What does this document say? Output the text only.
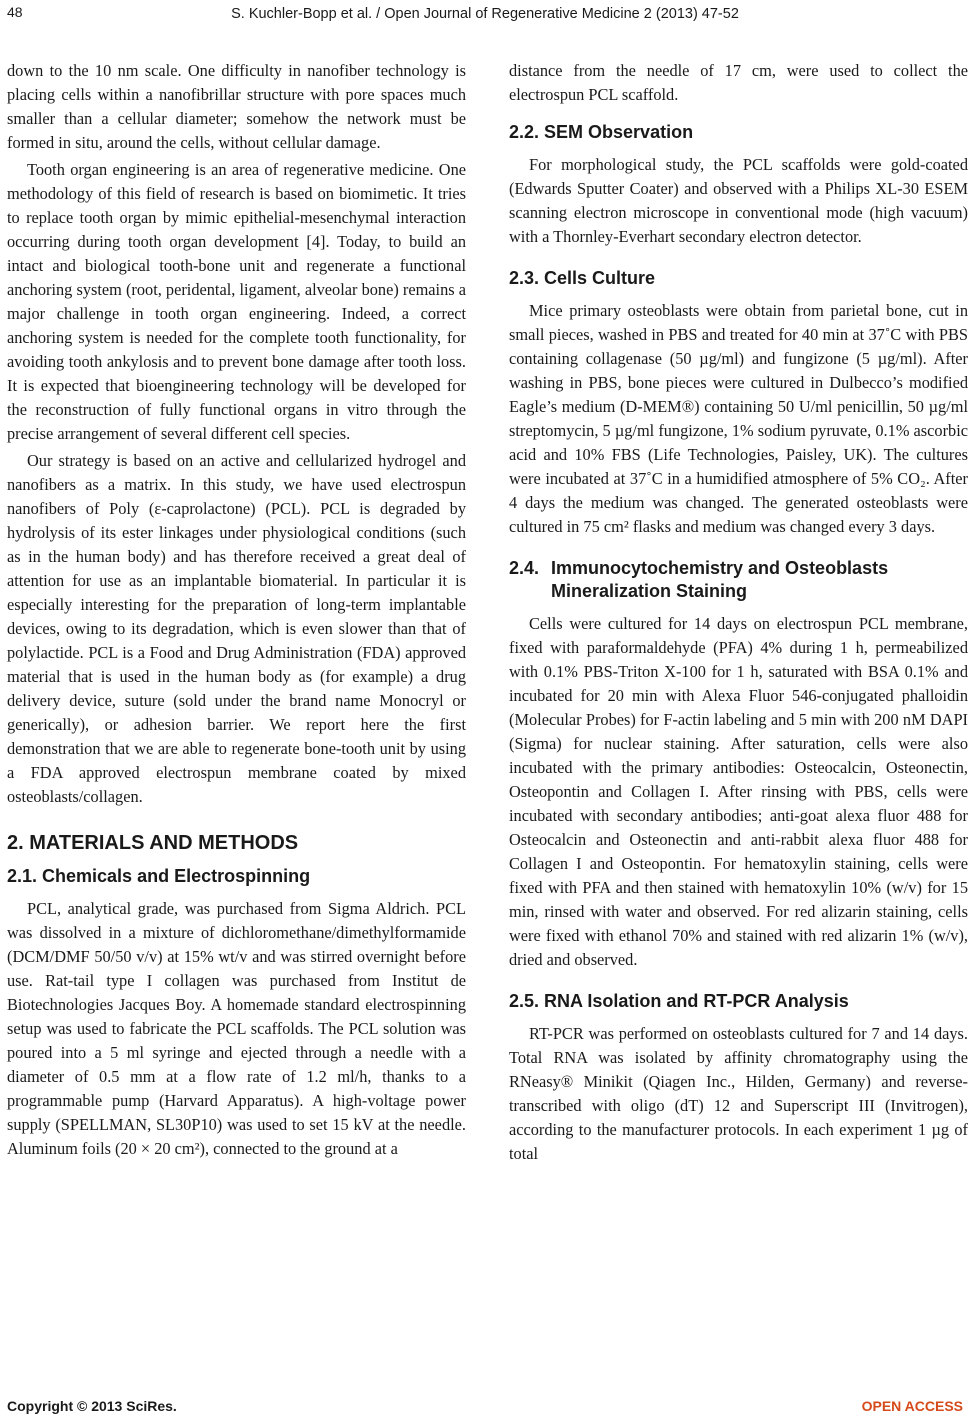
48	S. Kuchler-Bopp et al. / Open Journal of Regenerative Medicine 2 (2013) 47-52

down to the 10 nm scale. One difficulty in nanofiber technology is placing cells within a nanofibrillar structure with pore spaces much smaller than a cellular diameter; somehow the network must be formed in situ, around the cells, without cellular damage.

Tooth organ engineering is an area of regenerative medicine. One methodology of this field of research is based on biomimetic. It tries to replace tooth organ by mimic epithelial-mesenchymal interaction occurring during tooth organ development [4]. Today, to build an intact and biological tooth-bone unit and regenerate a functional anchoring system (root, peridental, ligament, alveolar bone) remains a major challenge in tooth organ engineering. Indeed, a correct anchoring system is needed for the complete tooth functionality, for avoiding tooth ankylosis and to prevent bone damage after tooth loss. It is expected that bioengineering technology will be developed for the reconstruction of fully functional organs in vitro through the precise arrangement of several different cell species.

Our strategy is based on an active and cellularized hydrogel and nanofibers as a matrix. In this study, we have used electrospun nanofibers of Poly (ε-caprolactone) (PCL). PCL is degraded by hydrolysis of its ester linkages under physiological conditions (such as in the human body) and has therefore received a great deal of attention for use as an implantable biomaterial. In particular it is especially interesting for the preparation of long-term implantable devices, owing to its degradation, which is even slower than that of polylactide. PCL is a Food and Drug Administration (FDA) approved material that is used in the human body as (for example) a drug delivery device, suture (sold under the brand name Monocryl or generically), or adhesion barrier. We report here the first demonstration that we are able to regenerate bone-tooth unit by using a FDA approved electrospun membrane coated by mixed osteoblasts/collagen.

2. MATERIALS AND METHODS
2.1. Chemicals and Electrospinning

PCL, analytical grade, was purchased from Sigma Aldrich. PCL was dissolved in a mixture of dichloromethane/dimethylformamide (DCM/DMF 50/50 v/v) at 15% wt/v and was stirred overnight before use. Rat-tail type I collagen was purchased from Institut de Biotechnologies Jacques Boy. A homemade standard electrospinning setup was used to fabricate the PCL scaffolds. The PCL solution was poured into a 5 ml syringe and ejected through a needle with a diameter of 0.5 mm at a flow rate of 1.2 ml/h, thanks to a programmable pump (Harvard Apparatus). A high-voltage power supply (SPELLMAN, SL30P10) was used to set 15 kV at the needle. Aluminum foils (20 × 20 cm²), connected to the ground at a

distance from the needle of 17 cm, were used to collect the electrospun PCL scaffold.

2.2. SEM Observation

For morphological study, the PCL scaffolds were gold-coated (Edwards Sputter Coater) and observed with a Philips XL-30 ESEM scanning electron microscope in conventional mode (high vacuum) with a Thornley-Everhart secondary electron detector.

2.3. Cells Culture

Mice primary osteoblasts were obtain from parietal bone, cut in small pieces, washed in PBS and treated for 40 min at 37˚C with PBS containing collagenase (50 µg/ml) and fungizone (5 µg/ml). After washing in PBS, bone pieces were cultured in Dulbecco’s modified Eagle’s medium (D-MEM®) containing 50 U/ml penicillin, 50 µg/ml streptomycin, 5 µg/ml fungizone, 1% sodium pyruvate, 0.1% ascorbic acid and 10% FBS (Life Technologies, Paisley, UK). The cultures were incubated at 37˚C in a humidified atmosphere of 5% CO₂. After 4 days the medium was changed. The generated osteoblasts were cultured in 75 cm² flasks and medium was changed every 3 days.

2.4. Immunocytochemistry and Osteoblasts
Mineralization Staining

Cells were cultured for 14 days on electrospun PCL membrane, fixed with paraformaldehyde (PFA) 4% during 1 h, permeabilized with 0.1% PBS-Triton X-100 for 1 h, saturated with BSA 0.1% and incubated for 20 min with Alexa Fluor 546-conjugated phalloidin (Molecular Probes) for F-actin labeling and 5 min with 200 nM DAPI (Sigma) for nuclear staining. After saturation, cells were also incubated with the primary antibodies: Osteocalcin, Osteonectin, Osteopontin and Collagen I. After rinsing with PBS, cells were incubated with secondary antibodies; anti-goat alexa fluor 488 for Osteocalcin and Osteonectin and anti-rabbit alexa fluor 488 for Collagen I and Osteopontin. For hematoxylin staining, cells were fixed with PFA and then stained with hematoxylin 10% (w/v) for 15 min, rinsed with water and observed. For red alizarin staining, cells were fixed with ethanol 70% and stained with red alizarin 1% (w/v), dried and observed.

2.5. RNA Isolation and RT-PCR Analysis

RT-PCR was performed on osteoblasts cultured for 7 and 14 days. Total RNA was isolated by affinity chromatography using the RNeasy® Minikit (Qiagen Inc., Hilden, Germany) and reverse-transcribed with oligo (dT) 12 and Superscript III (Invitrogen), according to the manufacturer protocols. In each experiment 1 µg of total

Copyright © 2013 SciRes.	OPEN ACCESS
